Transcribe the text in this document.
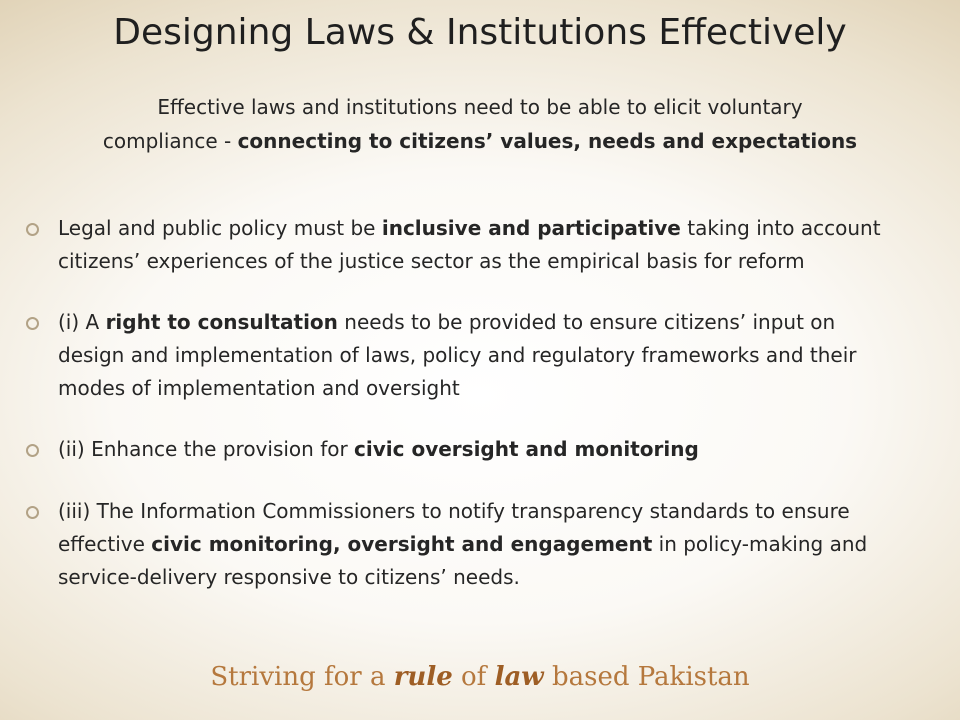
Designing Laws & Institutions Effectively
Effective laws and institutions need to be able to elicit voluntary
compliance - connecting to citizens’ values, needs and expectations
Legal and public policy must be inclusive and participative taking into account citizens’ experiences of the justice sector as the empirical basis for reform
(i) A right to consultation needs to be provided to ensure citizens’ input on design and implementation of laws, policy and regulatory frameworks and their modes of implementation and oversight
(ii) Enhance the provision for civic oversight and monitoring
(iii) The Information Commissioners to notify transparency standards to ensure effective civic monitoring, oversight and engagement in policy-making and service-delivery responsive to citizens’ needs.
Striving for a rule of law based Pakistan
